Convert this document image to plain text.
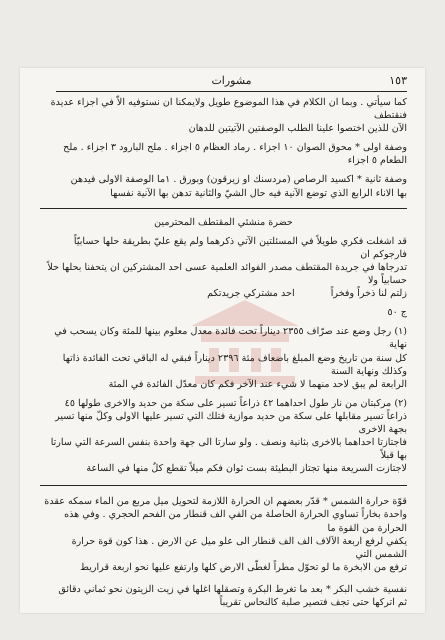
١٥٣
مشورات

كما سيأتي . وبما ان الكلام في هذا الموضوع طويل ولايمكنا ان نستوفيه الاّ في اجزاء عديدة فنقتطف

الآن للذين اختصوا علينا الطلب الوصفتين الآتيتين للدهان

وصفة اولى * محوق الصوان ١٠ اجزاء . رماد العظام ٥ اجزاء . ملح البارود ٣ اجزاء . ملح

الطعام ٥ اجزاء

وصفة ثانية * اكسيد الرصاص (مردسنك او زيرقون) وبورق . ١ما الوصفة الاولى فيدهن

بها الاناء الرابع الذي توضع الآنية فيه حال الشيّ والثانية تدهن بها الآنية نفسها

حضرة منشئي المقتطف المحترمين

قد اشغلت فكري طويلاً في المسئلتين الآتي ذكرهما ولم يقع عليّ بطريقة حلها حسابيّاً فارجوكم ان

تدرجاها في جريدة المقتطف مصدر الفوائد العلمية عسى احد المشتركين ان يتحفنا بحلها حلاً حسابياً ولا

زلتم لنا ذخراً وفخراً  احد مشتركي جريدتكم

ج ٥٠

(١) رجل وضع عند صرّاف ٢٣٥٥ ديناراً تحت فائدة معدل معلوم بينها للمئة وكان يسحب في نهاية

كل سنة من تاريخ وضع المبلغ باضعاف مئة ٢٣٩٦ ديناراً فبقي له الباقي تحت الفائدة ذاتها وكذلك ونهاية السنة

الرابعة لم يبق لاحد منهما لا شيء عند الآخر فكم كان معدّل الفائدة في المئة

(٢) مركبتان من نار طول احداهما ٤٢ ذراعاً تسير على سكة من حديد والاخرى طولها ٤٥

ذراعاً تسير مقابلها على سكة من حديد موازية فتلك التي تسير عليها الاولى وكلّ منها تسير بجهة الاخرى

فاجتازتا احداهما بالاخرى بثانية ونصف . ولو سارتا الى جهة واحدة بنفس السرعة التي سارتا بها قبلاً

لاجتازت السريعة منها تجتاز البطيئة بست ثوان فكم ميلاً تقطع كلٌ منها في الساعة

قوّة حرارة الشمس * قدّر بعضهم ان الحرارة اللازمة لتحويل ميل مربع من الماء سمكه عقدة

واحدة بخاراً تساوي الحرارة الحاصلة من الفي الف قنطار من الفحم الحجري . وفي هذه الحرارة من القوة ما

يكفي لرفع اربعة الآلاف الف الف قنطار الى علو ميل عن الارض . هذا كون قوة حرارة الشمس التي

ترفع من الابخرة ما لو تحوّل مطراً لغطّى الارض كلها وارتفع عليها نحو اربعة قراريط

نفسية خشب البكر * بعد ما تغرط البكرة وتصقلها اغلها في زيت الزيتون نحو ثماني دقائق

ثم اتركها حتى تجف فتصير صلبة كالنحاس تقريباً
